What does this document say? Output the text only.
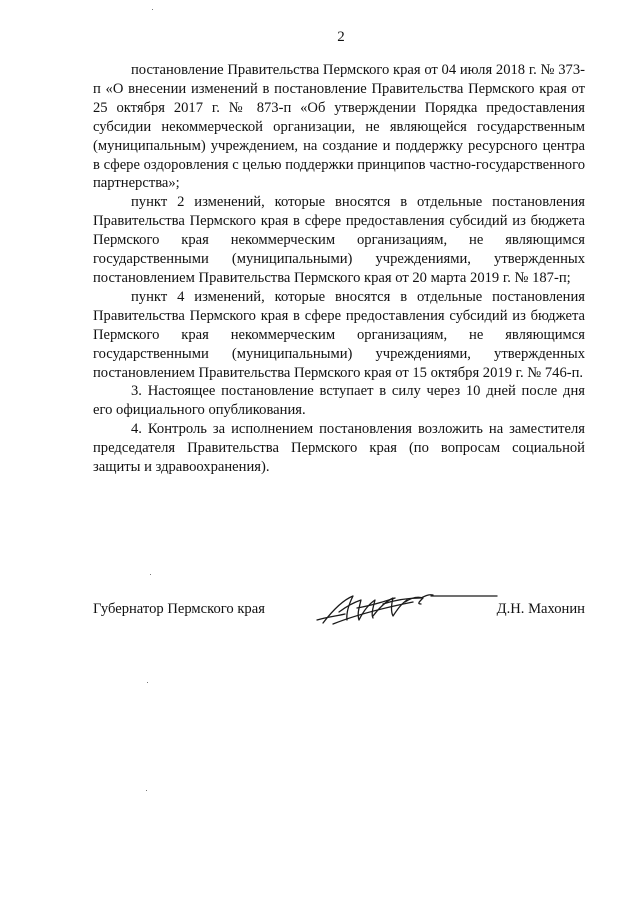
2

постановление Правительства Пермского края от 04 июля 2018 г. № 373-п «О внесении изменений в постановление Правительства Пермского края от 25 октября 2017 г. № 873-п «Об утверждении Порядка предоставления субсидии некоммерческой организации, не являющейся государственным (муниципальным) учреждением, на создание и поддержку ресурсного центра в сфере оздоровления с целью поддержки принципов частно-государственного партнерства»;

пункт 2 изменений, которые вносятся в отдельные постановления Правительства Пермского края в сфере предоставления субсидий из бюджета Пермского края некоммерческим организациям, не являющимся государственными (муниципальными) учреждениями, утвержденных постановлением Правительства Пермского края от 20 марта 2019 г. № 187-п;

пункт 4 изменений, которые вносятся в отдельные постановления Правительства Пермского края в сфере предоставления субсидий из бюджета Пермского края некоммерческим организациям, не являющимся государственными (муниципальными) учреждениями, утвержденных постановлением Правительства Пермского края от 15 октября 2019 г. № 746-п.

3. Настоящее постановление вступает в силу через 10 дней после дня его официального опубликования.

4. Контроль за исполнением постановления возложить на заместителя председателя Правительства Пермского края (по вопросам социальной защиты и здравоохранения).

Губернатор Пермского края	Д.Н. Махонин
